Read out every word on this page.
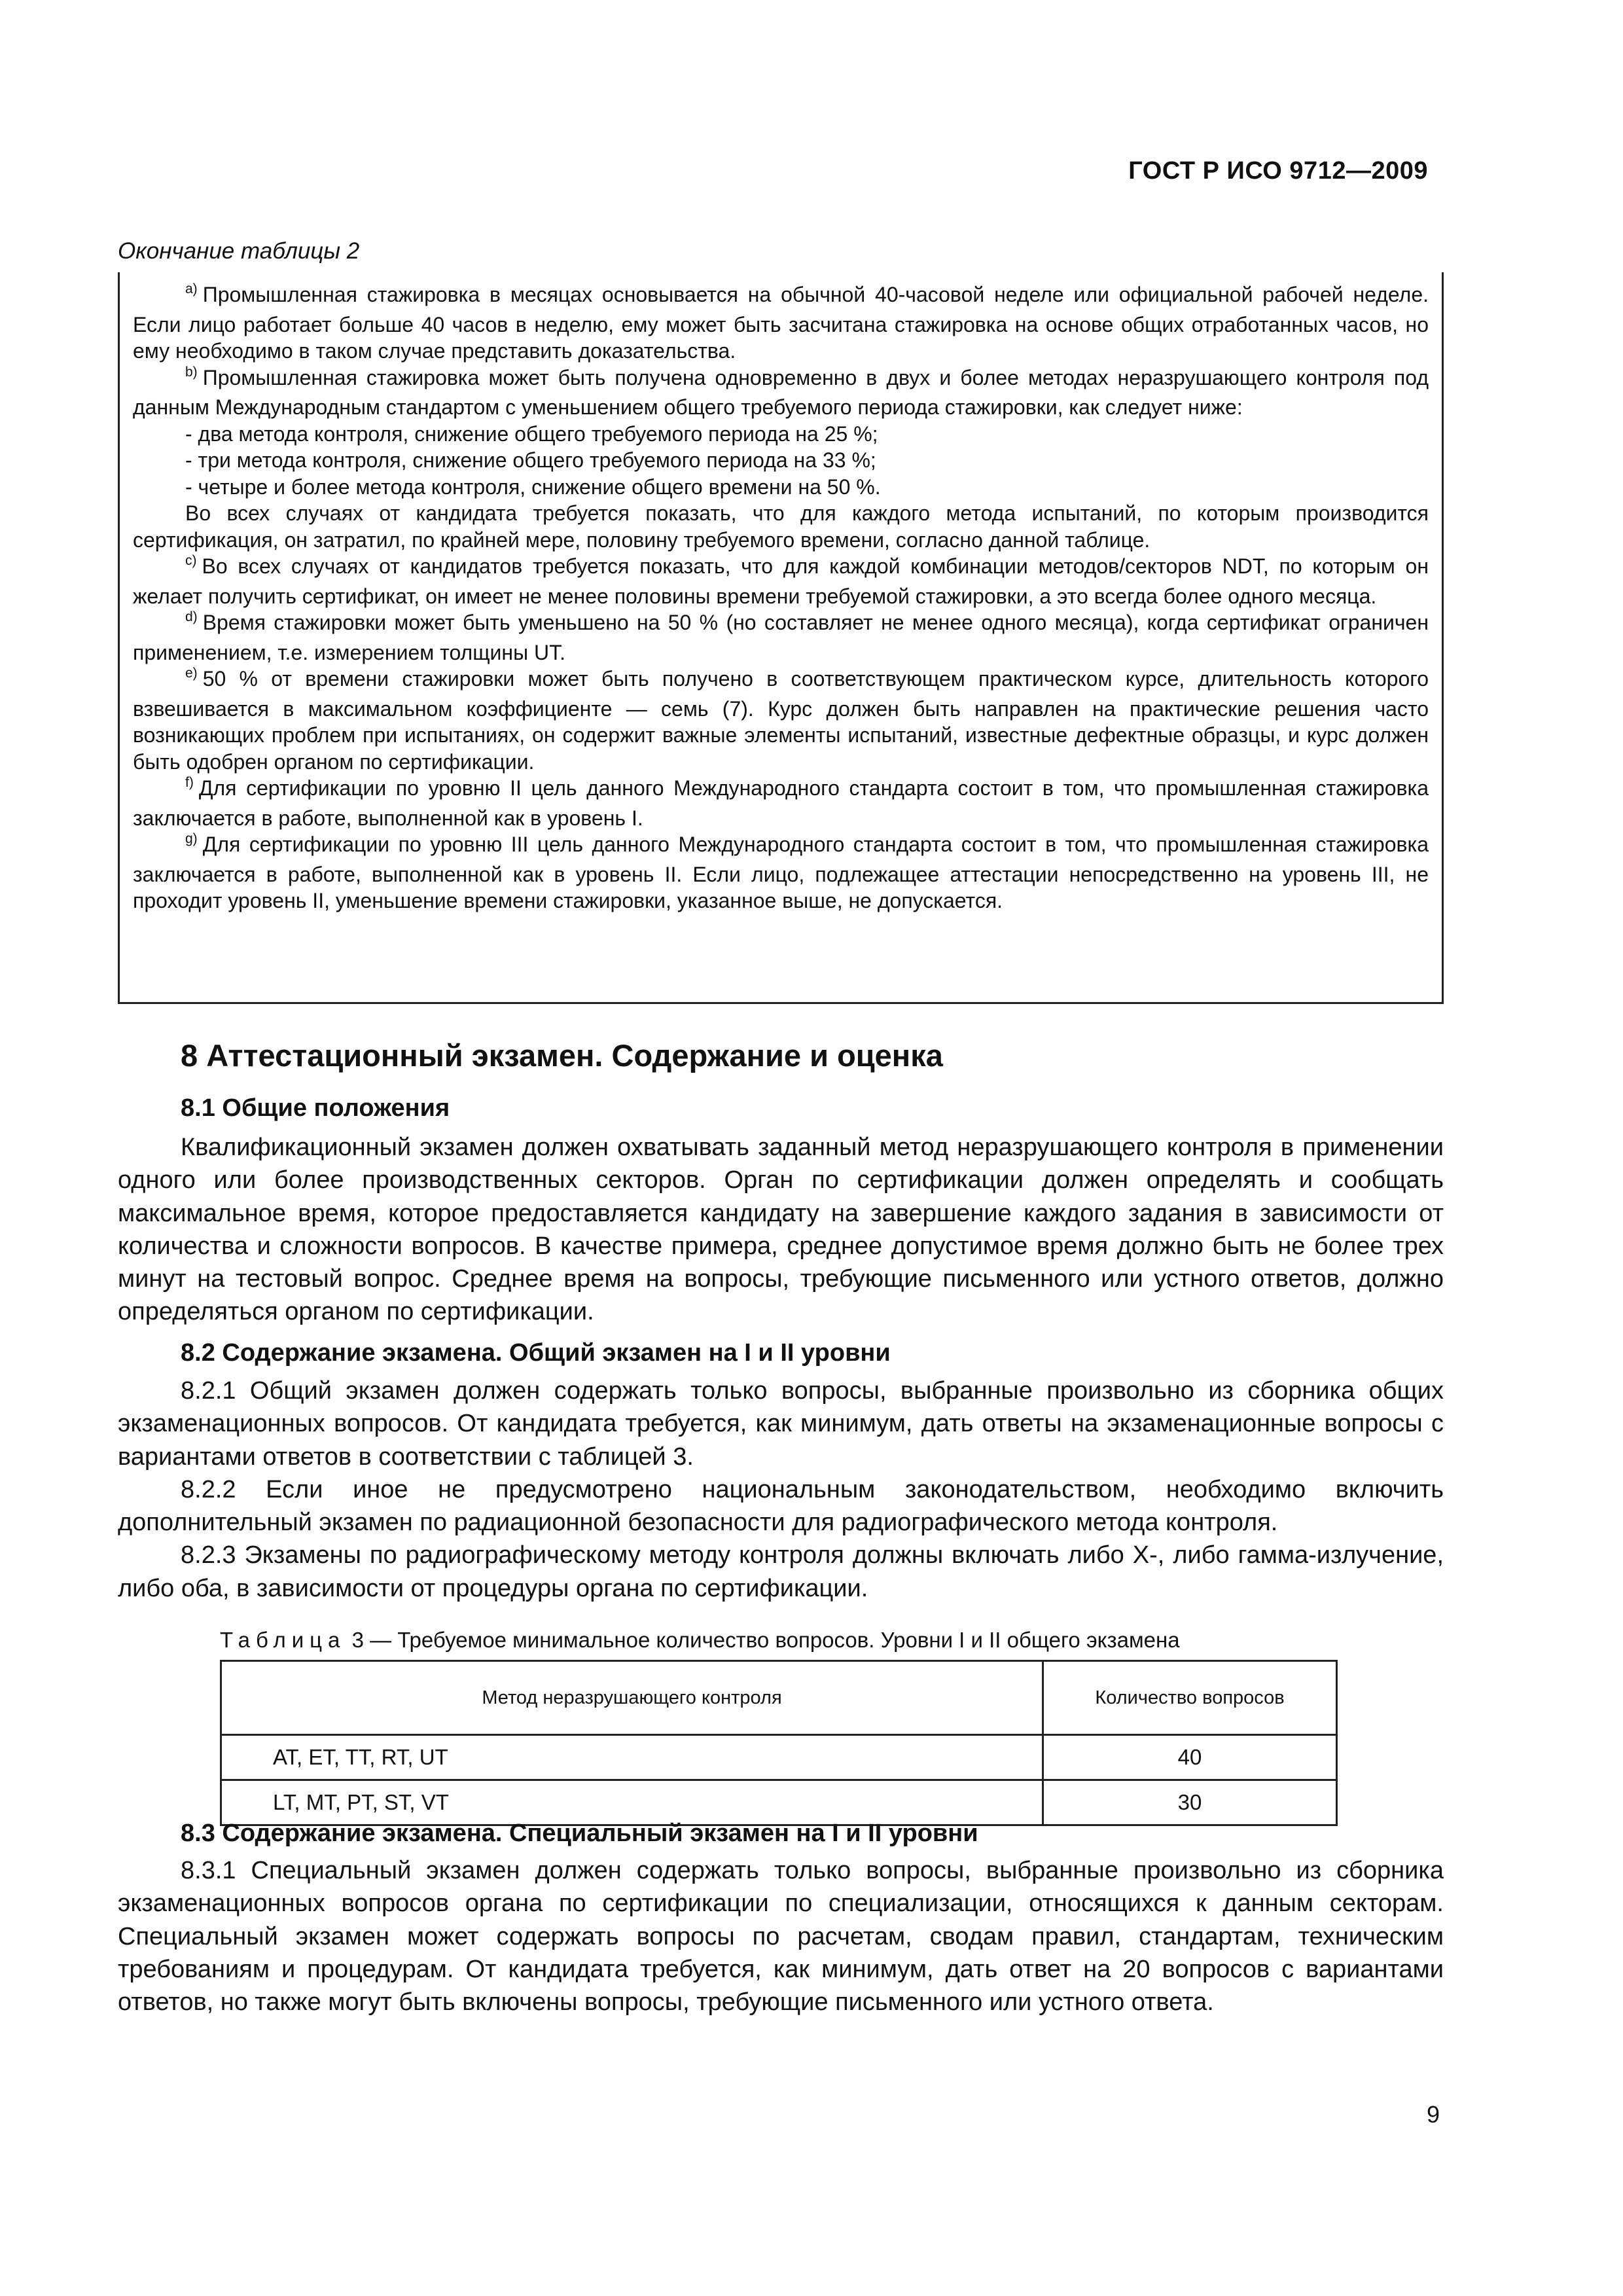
ГОСТ Р ИСО 9712—2009
Окончание таблицы 2

$^{a)}$ Промышленная стажировка в месяцах основывается на обычной 40-часовой неделе или официальной рабочей неделе. Если лицо работает больше 40 часов в неделю, ему может быть засчитана стажировка на основе общих отработанных часов, но ему необходимо в таком случае представить доказательства.

$^{b)}$ Промышленная стажировка может быть получена одновременно в двух и более методах неразрушающего контроля под данным Международным стандартом с уменьшением общего требуемого периода стажировки, как следует ниже:

- два метода контроля, снижение общего требуемого периода на 25 %;

- три метода контроля, снижение общего требуемого периода на 33 %;

- четыре и более метода контроля, снижение общего времени на 50 %.

Во всех случаях от кандидата требуется показать, что для каждого метода испытаний, по которым производится сертификация, он затратил, по крайней мере, половину требуемого времени, согласно данной таблице.

$^{c)}$ Во всех случаях от кандидатов требуется показать, что для каждой комбинации методов/секторов NDT, по которым он желает получить сертификат, он имеет не менее половины времени требуемой стажировки, а это всегда более одного месяца.

$^{d)}$ Время стажировки может быть уменьшено на 50 % (но составляет не менее одного месяца), когда сертификат ограничен применением, т.е. измерением толщины UT.

$^{e)}$ 50 % от времени стажировки может быть получено в соответствующем практическом курсе, длительность которого взвешивается в максимальном коэффициенте — семь (7). Курс должен быть направлен на практические решения часто возникающих проблем при испытаниях, он содержит важные элементы испытаний, известные дефектные образцы, и курс должен быть одобрен органом по сертификации.

$^{f)}$ Для сертификации по уровню II цель данного Международного стандарта состоит в том, что промышленная стажировка заключается в работе, выполненной как в уровень I.

$^{g)}$ Для сертификации по уровню III цель данного Международного стандарта состоит в том, что промышленная стажировка заключается в работе, выполненной как в уровень II. Если лицо, подлежащее аттестации непосредственно на уровень III, не проходит уровень II, уменьшение времени стажировки, указанное выше, не допускается.

8 Аттестационный экзамен. Содержание и оценка
8.1 Общие положения

Квалификационный экзамен должен охватывать заданный метод неразрушающего контроля в применении одного или более производственных секторов. Орган по сертификации должен определять и сообщать максимальное время, которое предоставляется кандидату на завершение каждого задания в зависимости от количества и сложности вопросов. В качестве примера, среднее допустимое время должно быть не более трех минут на тестовый вопрос. Среднее время на вопросы, требующие письменного или устного ответов, должно определяться органом по сертификации.

8.2 Содержание экзамена. Общий экзамен на I и II уровни

8.2.1 Общий экзамен должен содержать только вопросы, выбранные произвольно из сборника общих экзаменационных вопросов. От кандидата требуется, как минимум, дать ответы на экзаменационные вопросы с вариантами ответов в соответствии с таблицей 3.

8.2.2 Если иное не предусмотрено национальным законодательством, необходимо включить дополнительный экзамен по радиационной безопасности для радиографического метода контроля.

8.2.3 Экзамены по радиографическому методу контроля должны включать либо X-, либо гамма-излучение, либо оба, в зависимости от процедуры органа по сертификации.

Таблица 3 — Требуемое минимальное количество вопросов. Уровни I и II общего экзамена
Метод неразрушающего контроля	Количество вопросов
AT, ET, TT, RT, UT	40
LT, MT, PT, ST, VT	30
8.3 Содержание экзамена. Специальный экзамен на I и II уровни

8.3.1 Специальный экзамен должен содержать только вопросы, выбранные произвольно из сборника экзаменационных вопросов органа по сертификации по специализации, относящихся к данным секторам. Специальный экзамен может содержать вопросы по расчетам, сводам правил, стандартам, техническим требованиям и процедурам. От кандидата требуется, как минимум, дать ответ на 20 вопросов с вариантами ответов, но также могут быть включены вопросы, требующие письменного или устного ответа.

9
